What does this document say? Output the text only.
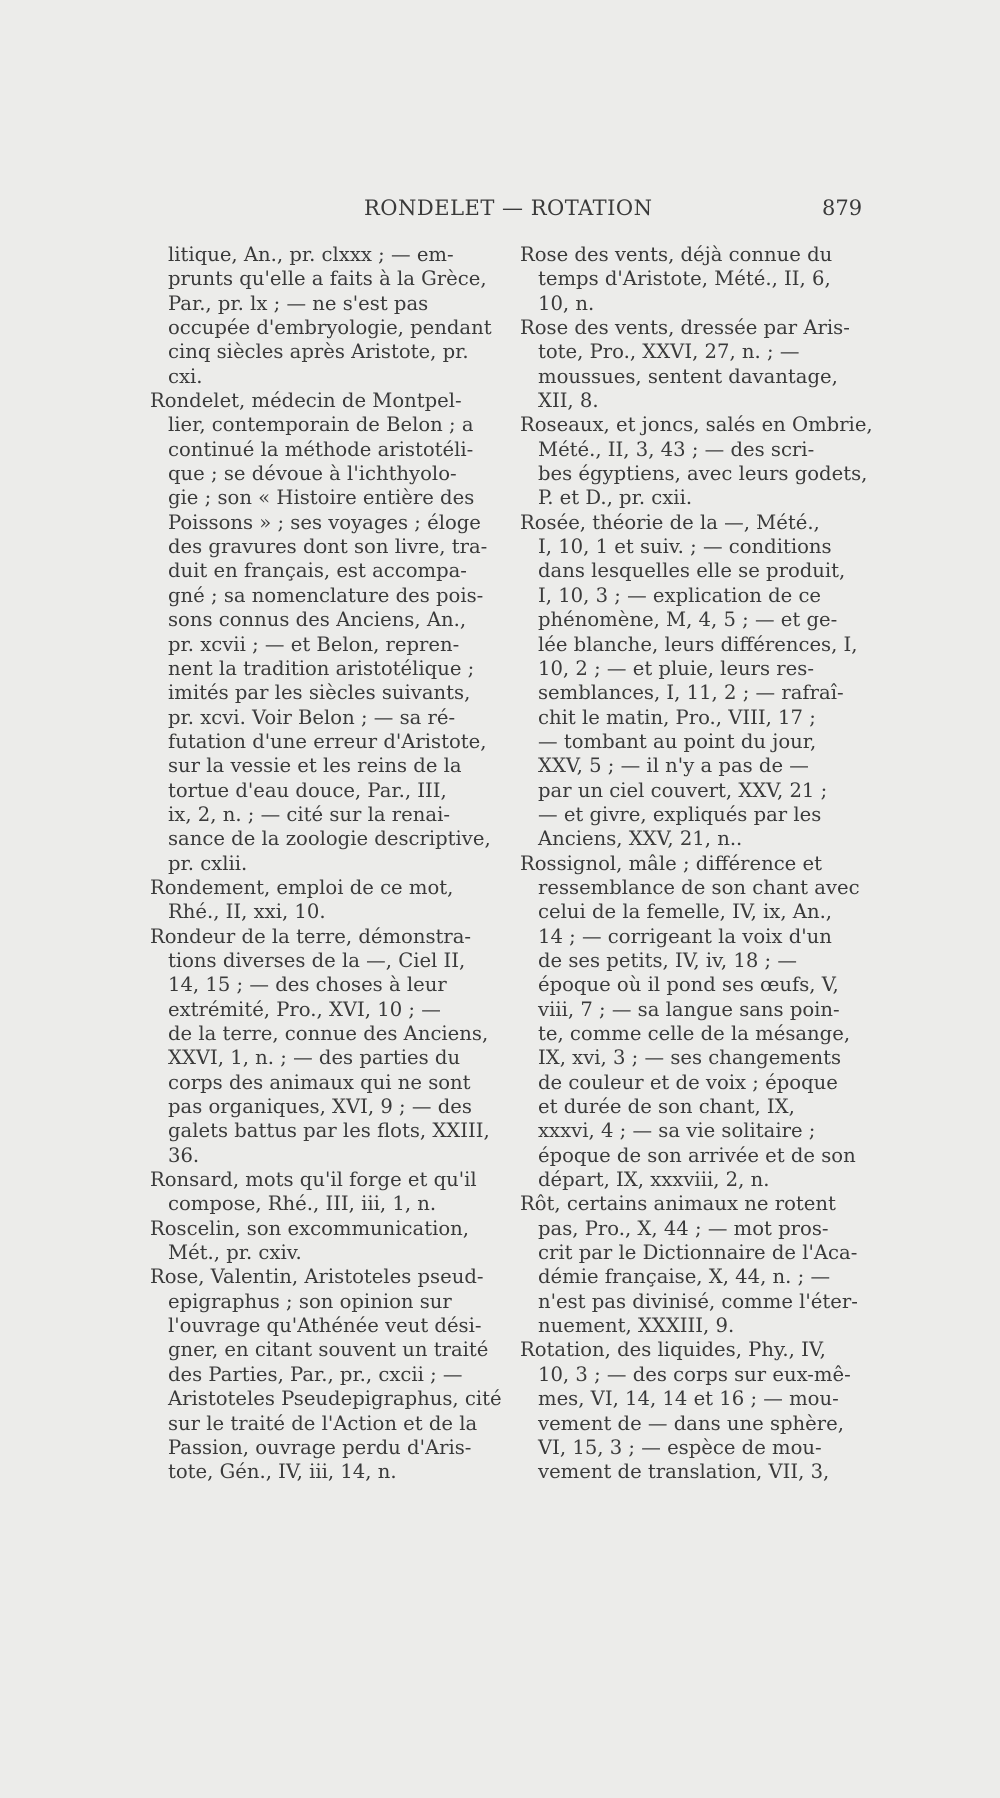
RONDELET — ROTATION	879
litique, An., pr. clxxx ; — em-
prunts qu'elle a faits à la Grèce,
Par., pr. lx ; — ne s'est pas
occupée d'embryologie, pendant
cinq siècles après Aristote, pr.
cxi.
Rondelet, médecin de Montpel-
lier, contemporain de Belon ; a
continué la méthode aristotéli-
que ; se dévoue à l'ichthyolo-
gie ; son « Histoire entière des
Poissons » ; ses voyages ; éloge
des gravures dont son livre, tra-
duit en français, est accompa-
gné ; sa nomenclature des pois-
sons connus des Anciens, An.,
pr. xcvii ; — et Belon, repren-
nent la tradition aristotélique ;
imités par les siècles suivants,
pr. xcvi. Voir Belon ; — sa ré-
futation d'une erreur d'Aristote,
sur la vessie et les reins de la
tortue d'eau douce, Par., III,
ix, 2, n. ; — cité sur la renai-
sance de la zoologie descriptive,
pr. cxlii.
Rondement, emploi de ce mot,
Rhé., II, xxi, 10.
Rondeur de la terre, démonstra-
tions diverses de la —, Ciel II,
14, 15 ; — des choses à leur
extrémité, Pro., XVI, 10 ; —
de la terre, connue des Anciens,
XXVI, 1, n. ; — des parties du
corps des animaux qui ne sont
pas organiques, XVI, 9 ; — des
galets battus par les flots, XXIII,
36.
Ronsard, mots qu'il forge et qu'il
compose, Rhé., III, iii, 1, n.
Roscelin, son excommunication,
Mét., pr. cxiv.
Rose, Valentin, Aristoteles pseud-
epigraphus ; son opinion sur
l'ouvrage qu'Athénée veut dési-
gner, en citant souvent un traité
des Parties, Par., pr., cxcii ; —
Aristoteles Pseudepigraphus, cité
sur le traité de l'Action et de la
Passion, ouvrage perdu d'Aris-
tote, Gén., IV, iii, 14, n.
Rose des vents, déjà connue du
temps d'Aristote, Mété., II, 6,
10, n.
Rose des vents, dressée par Aris-
tote, Pro., XXVI, 27, n. ; —
moussues, sentent davantage,
XII, 8.
Roseaux, et joncs, salés en Ombrie,
Mété., II, 3, 43 ; — des scri-
bes égyptiens, avec leurs godets,
P. et D., pr. cxii.
Rosée, théorie de la —, Mété.,
I, 10, 1 et suiv. ; — conditions
dans lesquelles elle se produit,
I, 10, 3 ; — explication de ce
phénomène, M, 4, 5 ; — et ge-
lée blanche, leurs différences, I,
10, 2 ; — et pluie, leurs res-
semblances, I, 11, 2 ; — rafraî-
chit le matin, Pro., VIII, 17 ;
— tombant au point du jour,
XXV, 5 ; — il n'y a pas de —
par un ciel couvert, XXV, 21 ;
— et givre, expliqués par les
Anciens, XXV, 21, n..
Rossignol, mâle ; différence et
ressemblance de son chant avec
celui de la femelle, IV, ix, An.,
14 ; — corrigeant la voix d'un
de ses petits, IV, iv, 18 ; —
époque où il pond ses œufs, V,
viii, 7 ; — sa langue sans poin-
te, comme celle de la mésange,
IX, xvi, 3 ; — ses changements
de couleur et de voix ; époque
et durée de son chant, IX,
xxxvi, 4 ; — sa vie solitaire ;
époque de son arrivée et de son
départ, IX, xxxviii, 2, n.
Rôt, certains animaux ne rotent
pas, Pro., X, 44 ; — mot pros-
crit par le Dictionnaire de l'Aca-
démie française, X, 44, n. ; —
n'est pas divinisé, comme l'éter-
nuement, XXXIII, 9.
Rotation, des liquides, Phy., IV,
10, 3 ; — des corps sur eux-mê-
mes, VI, 14, 14 et 16 ; — mou-
vement de — dans une sphère,
VI, 15, 3 ; — espèce de mou-
vement de translation, VII, 3,
